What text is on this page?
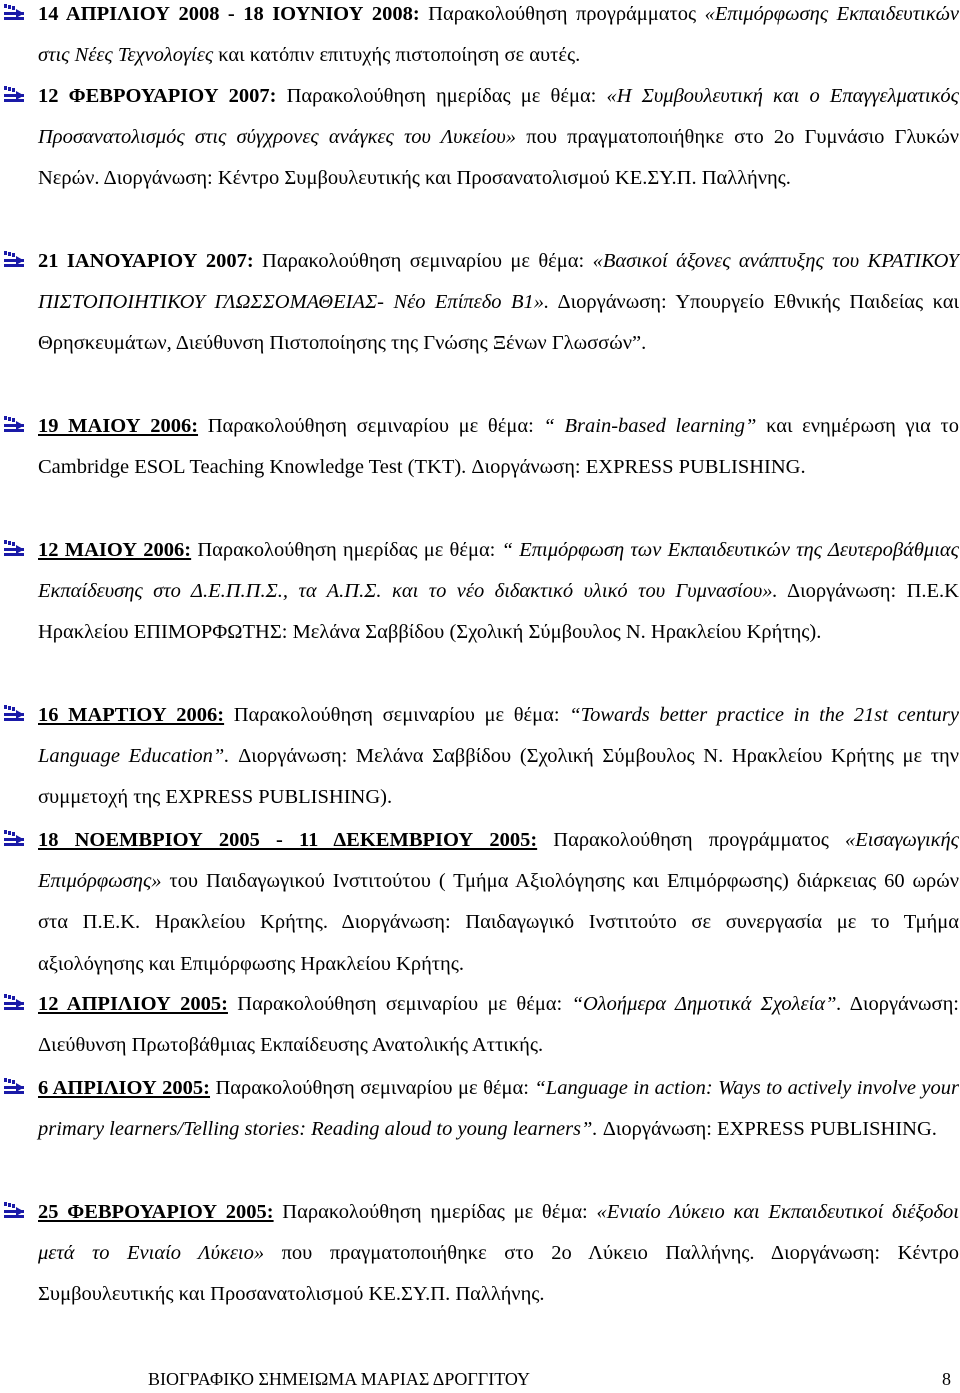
14 ΑΠΡΙΛΙΟΥ 2008 - 18 ΙΟΥΝΙΟΥ 2008: Παρακολούθηση προγράμματος «Επιμόρφωσης Εκπαιδευτικών στις Νέες Τεχνολογίες και κατόπιν επιτυχής πιστοποίηση σε αυτές.
12 ΦΕΒΡΟΥΑΡΙΟΥ 2007: Παρακολούθηση ημερίδας με θέμα: «Η Συμβουλευτική και ο Επαγγελματικός Προσανατολισμός στις σύγχρονες ανάγκες του Λυκείου» που πραγματοποιήθηκε στο 2ο Γυμνάσιο Γλυκών Νερών. Διοργάνωση: Κέντρο Συμβουλευτικής και Προσανατολισμού ΚΕ.ΣΥ.Π. Παλλήνης.
21 ΙΑΝΟΥΑΡΙΟΥ 2007: Παρακολούθηση σεμιναρίου με θέμα: «Βασικοί άξονες ανάπτυξης του ΚΡΑΤΙΚΟΥ ΠΙΣΤΟΠΟΙΗΤΙΚΟΥ ΓΛΩΣΣΟΜΑΘΕΙΑΣ- Νέο Επίπεδο Β1». Διοργάνωση: Υπουργείο Εθνικής Παιδείας και Θρησκευμάτων, Διεύθυνση Πιστοποίησης της Γνώσης Ξένων Γλωσσών”.
19 ΜΑΙΟΥ 2006: Παρακολούθηση σεμιναρίου με θέμα: “ Brain-based learning” και ενημέρωση για το Cambridge ESOL Teaching Knowledge Test (TKT). Διοργάνωση: EXPRESS PUBLISHING.
12 ΜΑΙΟΥ 2006: Παρακολούθηση ημερίδας με θέμα: “ Επιμόρφωση των Εκπαιδευτικών της Δευτεροβάθμιας Εκπαίδευσης στο Δ.Ε.Π.Π.Σ., τα Α.Π.Σ. και το νέο διδακτικό υλικό του Γυμνασίου». Διοργάνωση: Π.Ε.Κ Ηρακλείου ΕΠΙΜΟΡΦΩΤΗΣ: Μελάνα Σαββίδου (Σχολική Σύμβουλος Ν. Ηρακλείου Κρήτης).
16 ΜΑΡΤΙΟΥ 2006: Παρακολούθηση σεμιναρίου με θέμα: “Towards better practice in the 21st century Language Education”. Διοργάνωση: Μελάνα Σαββίδου (Σχολική Σύμβουλος Ν. Ηρακλείου Κρήτης με την συμμετοχή της EXPRESS PUBLISHING).
18 ΝΟΕΜΒΡΙΟΥ 2005 - 11 ΔΕΚΕΜΒΡΙΟΥ 2005: Παρακολούθηση προγράμματος «Εισαγωγικής Επιμόρφωσης» του Παιδαγωγικού Ινστιτούτου ( Τμήμα Αξιολόγησης και Επιμόρφωσης) διάρκειας 60 ωρών στα Π.Ε.Κ. Ηρακλείου Κρήτης. Διοργάνωση: Παιδαγωγικό Ινστιτούτο σε συνεργασία με το Τμήμα αξιολόγησης και Επιμόρφωσης Ηρακλείου Κρήτης.
12 ΑΠΡΙΛΙΟΥ 2005: Παρακολούθηση σεμιναρίου με θέμα: “Ολοήμερα Δημοτικά Σχολεία”. Διοργάνωση: Διεύθυνση Πρωτοβάθμιας Εκπαίδευσης Ανατολικής Αττικής.
6 ΑΠΡΙΛΙΟΥ 2005: Παρακολούθηση σεμιναρίου με θέμα: “Language in action: Ways to actively involve your primary learners/Telling stories: Reading aloud to young learners”. Διοργάνωση: EXPRESS PUBLISHING.
25 ΦΕΒΡΟΥΑΡΙΟΥ 2005: Παρακολούθηση ημερίδας με θέμα: «Ενιαίο Λύκειο και Εκπαιδευτικοί διέξοδοι μετά το Ενιαίο Λύκειο» που πραγματοποιήθηκε στο 2ο Λύκειο Παλλήνης. Διοργάνωση: Κέντρο Συμβουλευτικής και Προσανατολισμού ΚΕ.ΣΥ.Π. Παλλήνης.
ΒΙΟΓΡΑΦΙΚΟ ΣΗΜΕΙΩΜΑ ΜΑΡΙΑΣ ΔΡΟΓΓΙΤΟΥ	8
